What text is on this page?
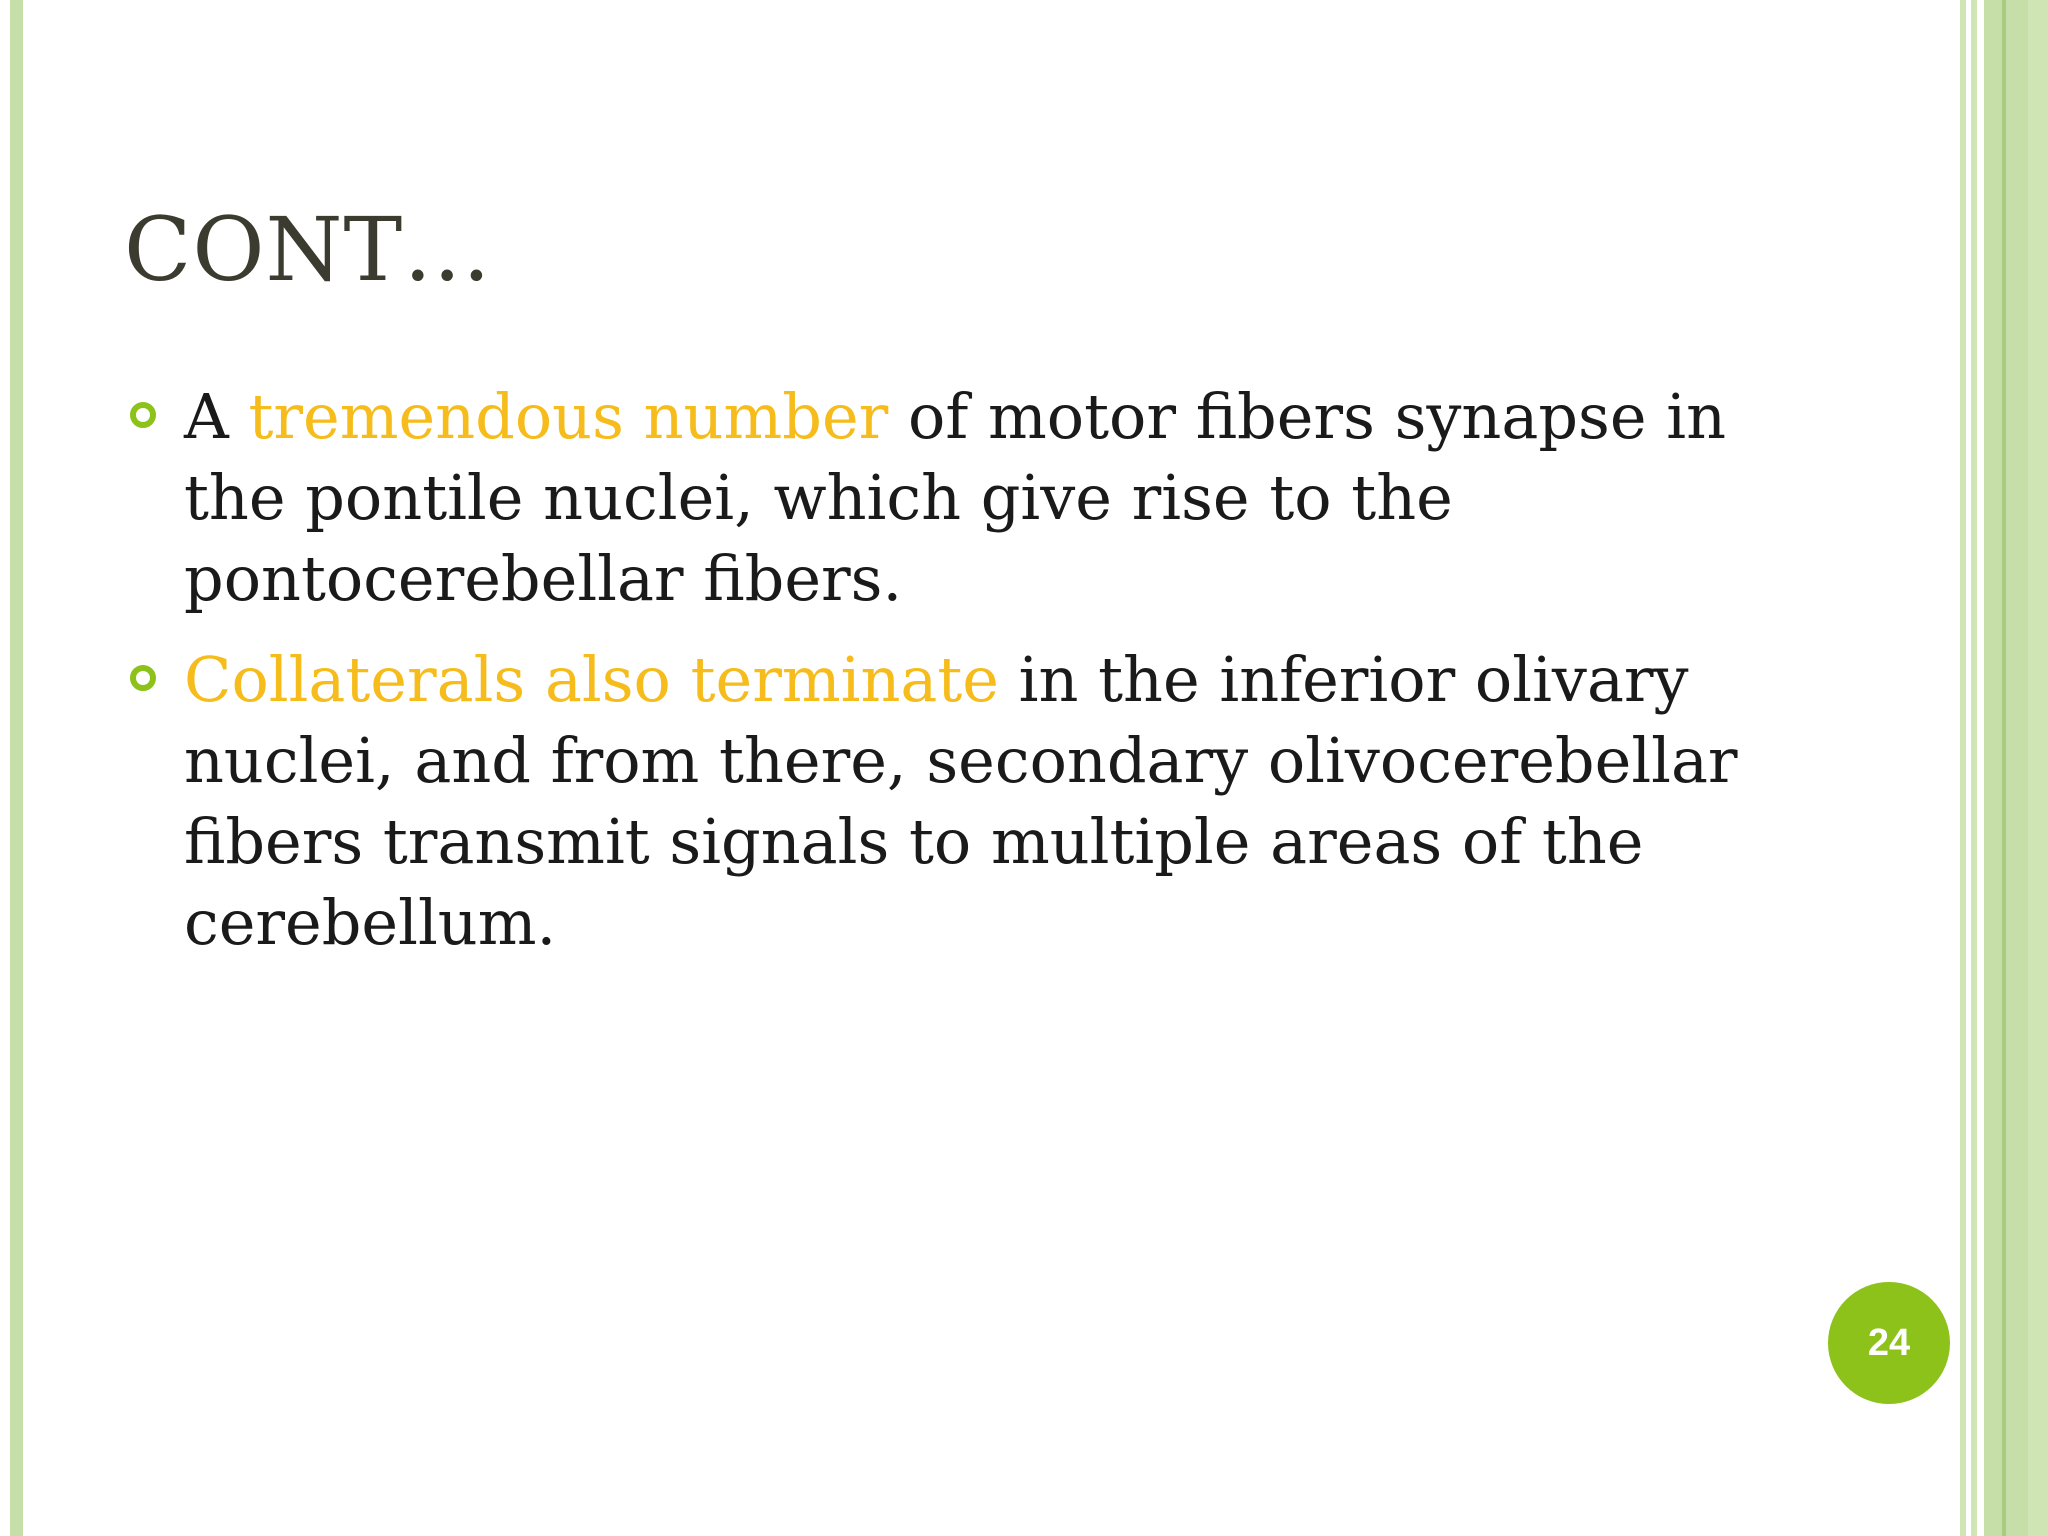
CONT…
A tremendous number of motor fibers synapse in the pontile nuclei, which give rise to the pontocerebellar fibers.
Collaterals also terminate in the inferior olivary nuclei, and from there, secondary olivocerebellar fibers transmit signals to multiple areas of the cerebellum.
24
